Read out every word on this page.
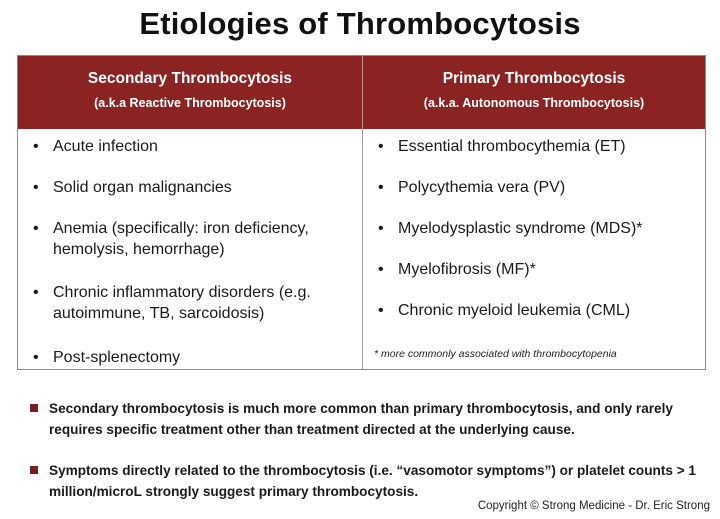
Etiologies of Thrombocytosis
Secondary Thrombocytosis
(a.k.a Reactive Thrombocytosis)
Primary Thrombocytosis
(a.k.a. Autonomous Thrombocytosis)
• Acute infection
• Solid organ malignancies
• Anemia (specifically: iron deficiency, hemolysis, hemorrhage)
• Chronic inflammatory disorders (e.g. autoimmune, TB, sarcoidosis)
• Post-splenectomy
• Essential thrombocythemia (ET)
• Polycythemia vera (PV)
• Myelodysplastic syndrome (MDS)*
• Myelofibrosis (MF)*
• Chronic myeloid leukemia (CML)
* more commonly associated with thrombocytopenia
Secondary thrombocytosis is much more common than primary thrombocytosis, and only rarely requires specific treatment other than treatment directed at the underlying cause.
Symptoms directly related to the thrombocytosis (i.e. “vasomotor symptoms”) or platelet counts > 1 million/microL strongly suggest primary thrombocytosis.
Copyright © Strong Medicine - Dr. Eric Strong
